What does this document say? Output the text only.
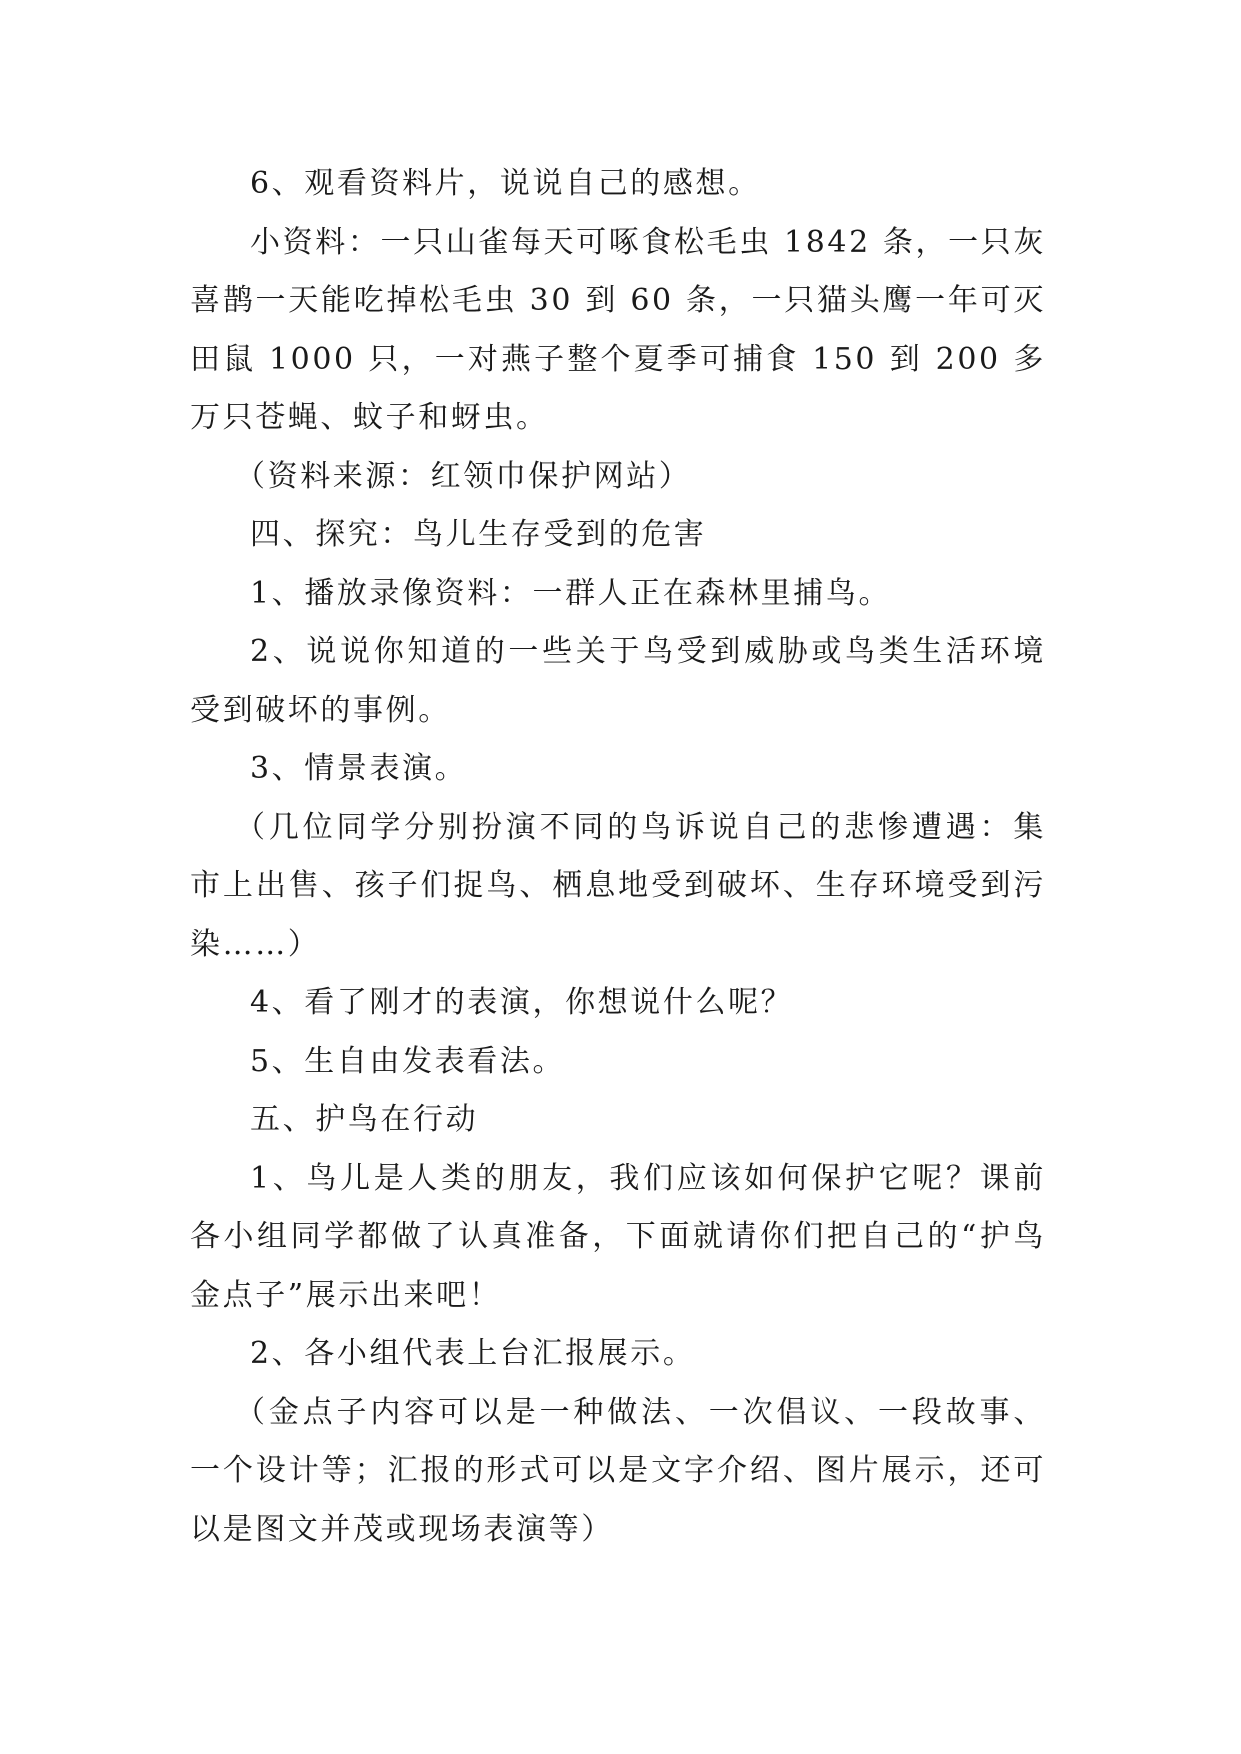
6、观看资料片，说说自己的感想。

小资料：一只山雀每天可啄食松毛虫 1842 条，一只灰喜鹊一天能吃掉松毛虫 30 到 60 条，一只猫头鹰一年可灭田鼠 1000 只，一对燕子整个夏季可捕食 150 到 200 多万只苍蝇、蚊子和蚜虫。

（资料来源：红领巾保护网站）

四、探究：鸟儿生存受到的危害

1、播放录像资料：一群人正在森林里捕鸟。

2、说说你知道的一些关于鸟受到威胁或鸟类生活环境受到破坏的事例。

3、情景表演。

（几位同学分别扮演不同的鸟诉说自己的悲惨遭遇：集市上出售、孩子们捉鸟、栖息地受到破坏、生存环境受到污染……）

4、看了刚才的表演，你想说什么呢？

5、生自由发表看法。

五、护鸟在行动

1、鸟儿是人类的朋友，我们应该如何保护它呢？课前各小组同学都做了认真准备，下面就请你们把自己的“护鸟金点子”展示出来吧！

2、各小组代表上台汇报展示。

（金点子内容可以是一种做法、一次倡议、一段故事、一个设计等；汇报的形式可以是文字介绍、图片展示，还可以是图文并茂或现场表演等）
